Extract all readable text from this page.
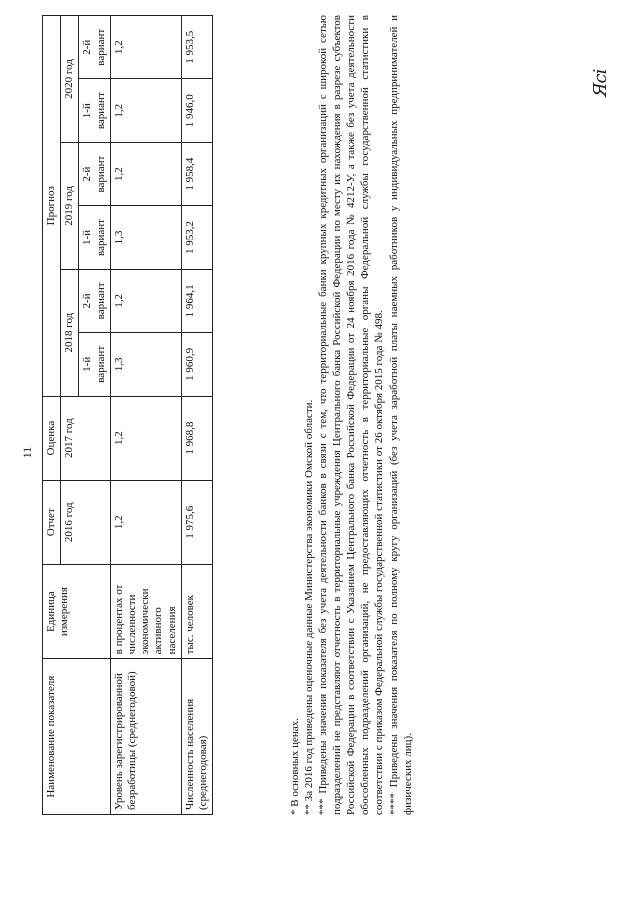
11
Наименование показателя	Единица измерения	Отчет	Оценка	Прогноз					
		2016 год	2017 год	2018 год		2019 год		2020 год	
				1-й вариант	2-й вариант	1-й вариант	2-й вариант	1-й вариант	2-й вариант
Уровень зарегистрированной безработицы (среднегодовой)	в процентах от численности экономически активного населения	1,2	1,2	1,3	1,2	1,3	1,2	1,2	1,2
Численность населения (среднегодовая)	тыс. человек	1 975,6	1 968,8	1 960,9	1 964,1	1 953,2	1 958,4	1 946,0	1 953,5

* В основных ценах. ** За 2016 год приведены оценочные данные Министерства экономики Омской области. *** Приведены значения показателя без учета деятельности банков в связи с тем, что территориальные банки крупных кредитных организаций с широкой сетью подразделений не представляют отчетность в территориальные учреждения Центрального банка Российской Федерации по месту их нахождения в разрезе субъектов Российской Федерации в соответствии с Указанием Центрального банка Российской Федерации от 24 ноября 2016 года № 4212-У, а также без учета деятельности обособленных подразделений организаций, не предоставляющих отчетность в территориальные органы Федеральной службы государственной статистики в соответствии с приказом Федеральной службы государственной статистики от 26 октября 2015 года № 498. **** Приведены значения показателя по полному кругу организаций (без учета заработной платы наемных работников у индивидуальных предпринимателей и физических лиц).

Ясі
